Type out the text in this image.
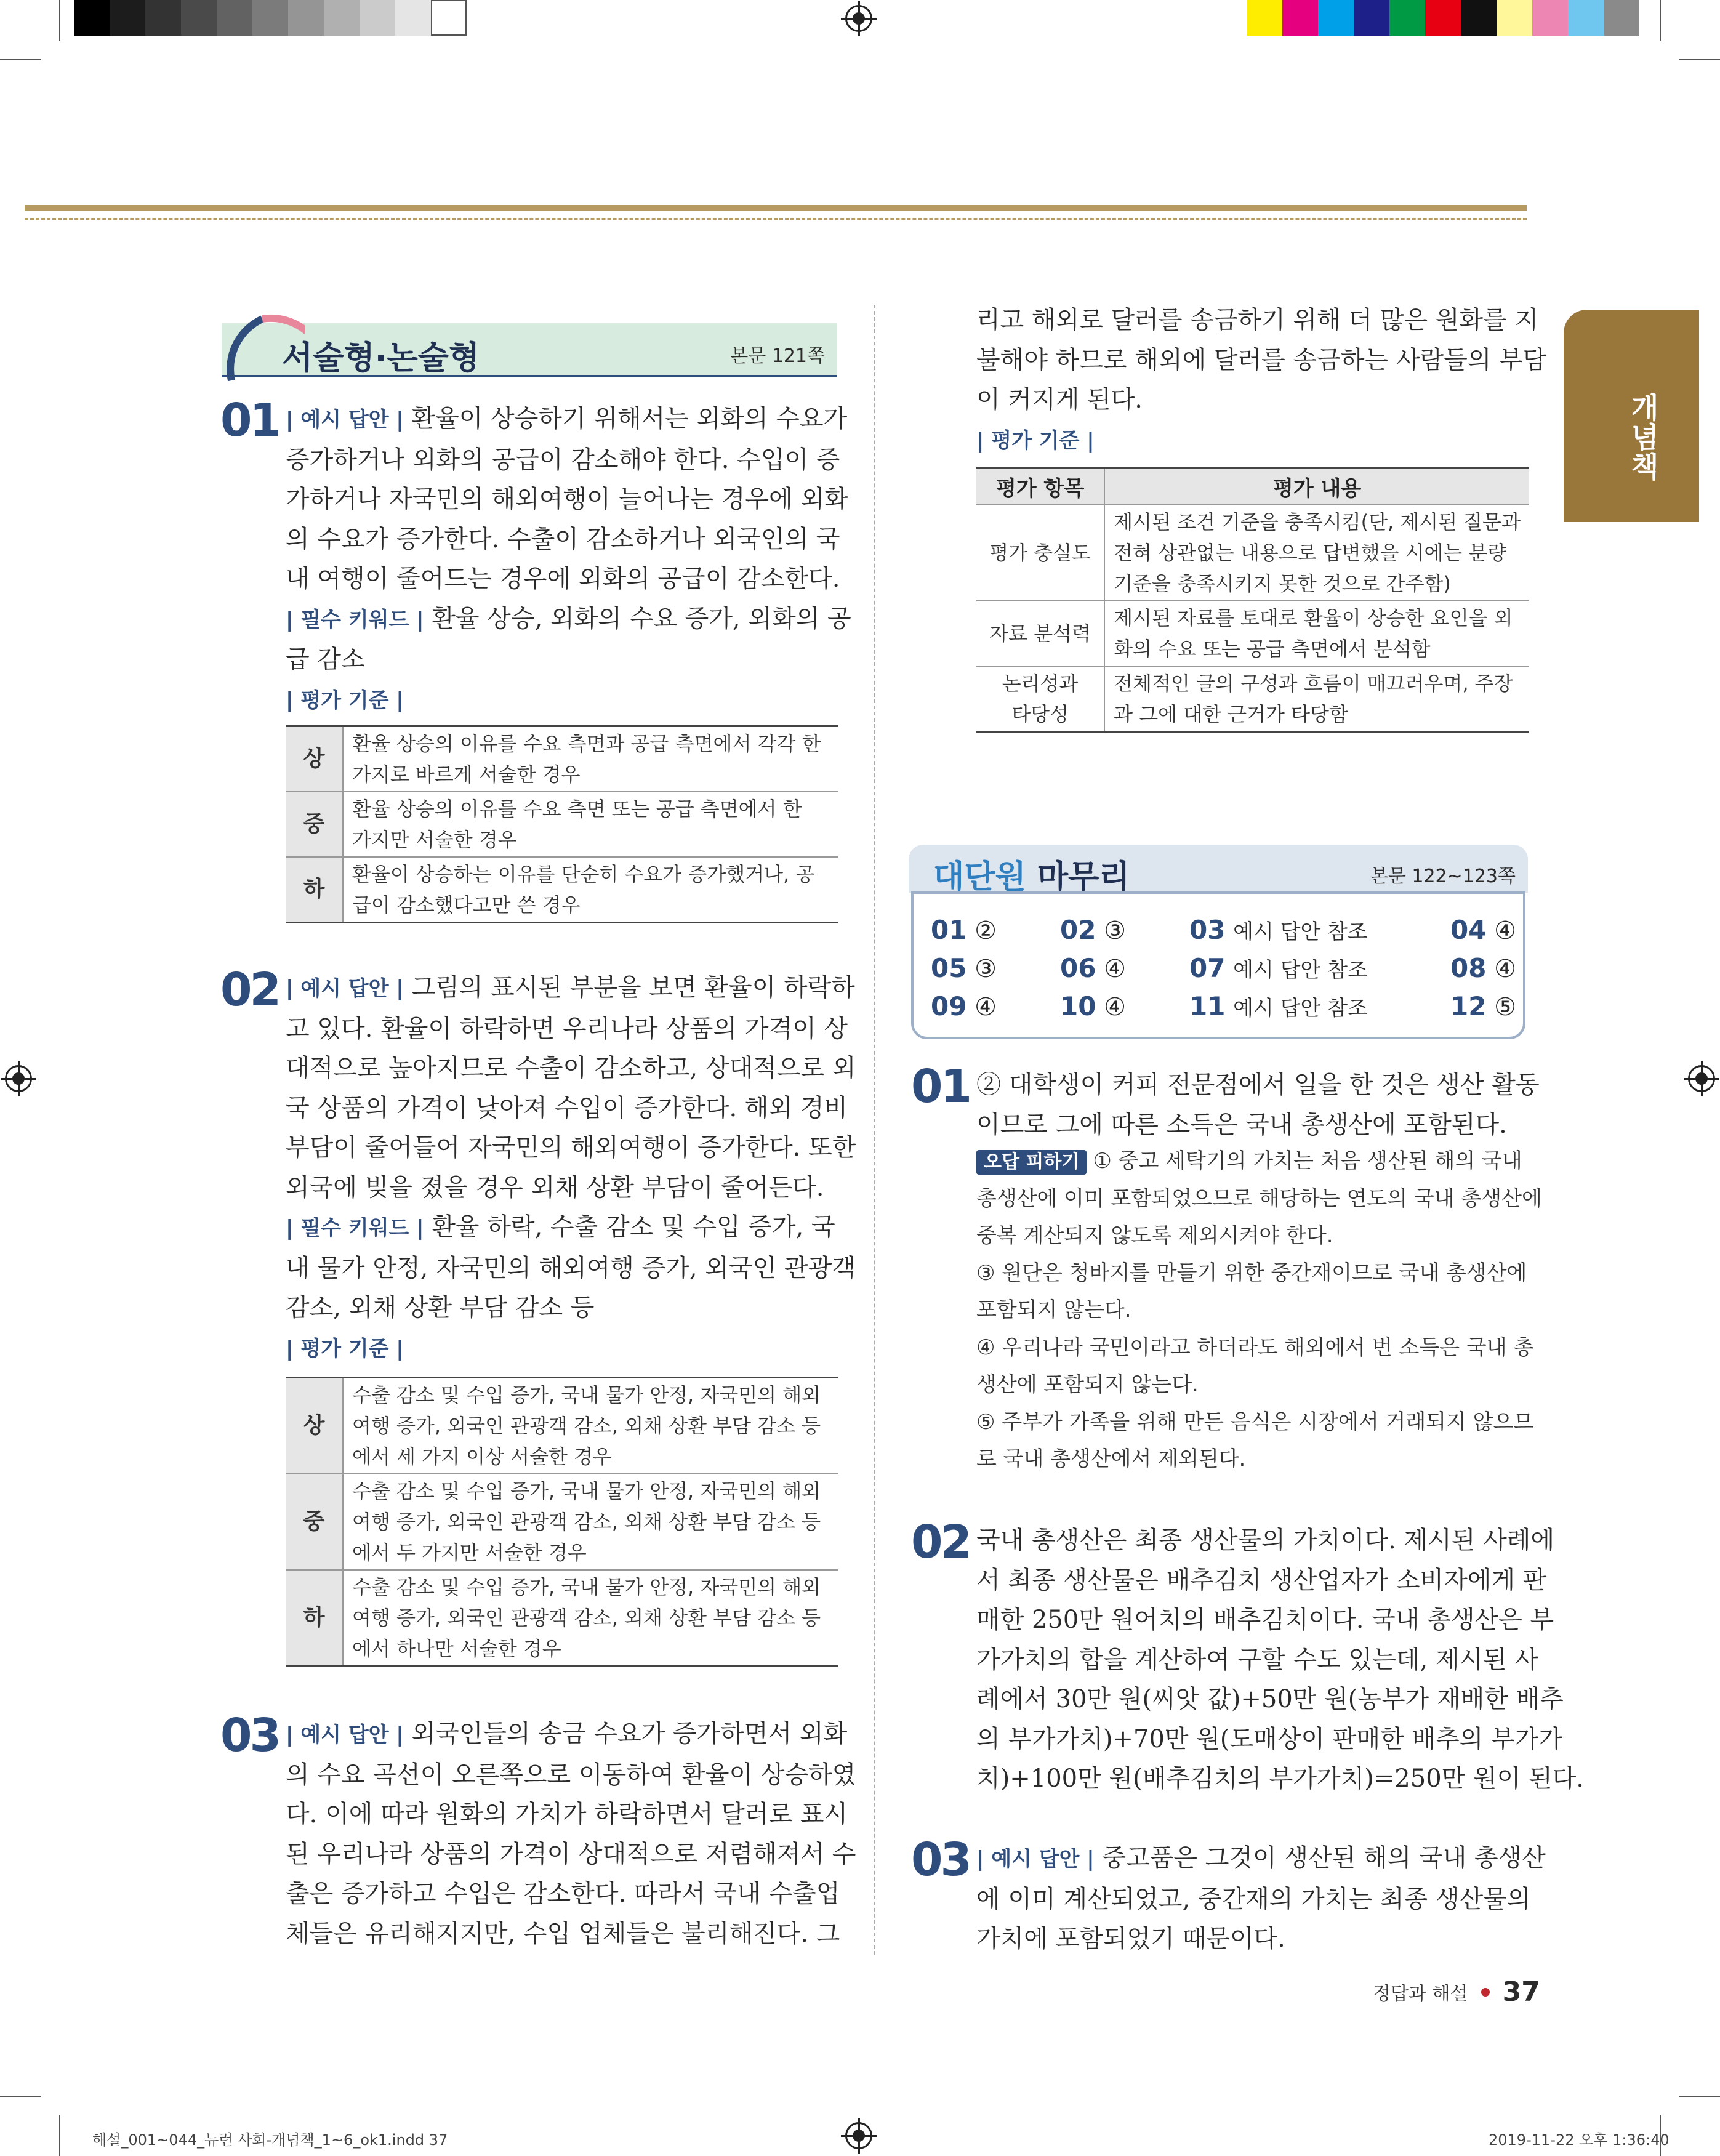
개념책
서술형·논술형	본문 121쪽
01 | 예시 답안 | 환율이 상승하기 위해서는 외화의 수요가
증가하거나 외화의 공급이 감소해야 한다. 수입이 증
가하거나 자국민의 해외여행이 늘어나는 경우에 외화
의 수요가 증가한다. 수출이 감소하거나 외국인의 국
내 여행이 줄어드는 경우에 외화의 공급이 감소한다.
| 필수 키워드 | 환율 상승, 외화의 수요 증가, 외화의 공
급 감소
| 평가 기준 |
상	환율 상승의 이유를 수요 측면과 공급 측면에서 각각 한
가지로 바르게 서술한 경우

중	환율 상승의 이유를 수요 측면 또는 공급 측면에서 한
가지만 서술한 경우

하	환율이 상승하는 이유를 단순히 수요가 증가했거나, 공
급이 감소했다고만 쓴 경우
02 | 예시 답안 | 그림의 표시된 부분을 보면 환율이 하락하
고 있다. 환율이 하락하면 우리나라 상품의 가격이 상
대적으로 높아지므로 수출이 감소하고, 상대적으로 외
국 상품의 가격이 낮아져 수입이 증가한다. 해외 경비
부담이 줄어들어 자국민의 해외여행이 증가한다. 또한
외국에 빚을 졌을 경우 외채 상환 부담이 줄어든다.
| 필수 키워드 | 환율 하락, 수출 감소 및 수입 증가, 국
내 물가 안정, 자국민의 해외여행 증가, 외국인 관광객
감소, 외채 상환 부담 감소 등
| 평가 기준 |
상	수출 감소 및 수입 증가, 국내 물가 안정, 자국민의 해외
여행 증가, 외국인 관광객 감소, 외채 상환 부담 감소 등
에서 세 가지 이상 서술한 경우

중	수출 감소 및 수입 증가, 국내 물가 안정, 자국민의 해외
여행 증가, 외국인 관광객 감소, 외채 상환 부담 감소 등
에서 두 가지만 서술한 경우

하	수출 감소 및 수입 증가, 국내 물가 안정, 자국민의 해외
여행 증가, 외국인 관광객 감소, 외채 상환 부담 감소 등
에서 하나만 서술한 경우
03 | 예시 답안 | 외국인들의 송금 수요가 증가하면서 외화
의 수요 곡선이 오른쪽으로 이동하여 환율이 상승하였
다. 이에 따라 원화의 가치가 하락하면서 달러로 표시
된 우리나라 상품의 가격이 상대적으로 저렴해져서 수
출은 증가하고 수입은 감소한다. 따라서 국내 수출업
체들은 유리해지지만, 수입 업체들은 불리해진다. 그
리고 해외로 달러를 송금하기 위해 더 많은 원화를 지
불해야 하므로 해외에 달러를 송금하는 사람들의 부담
이 커지게 된다.
| 평가 기준 |
평가 항목	평가 내용

평가 충실도	제시된 조건 기준을 충족시킴(단, 제시된 질문과
전혀 상관없는 내용으로 답변했을 시에는 분량
기준을 충족시키지 못한 것으로 간주함)

자료 분석력	제시된 자료를 토대로 환율이 상승한 요인을 외
화의 수요 또는 공급 측면에서 분석함

논리성과
타당성	전체적인 글의 구성과 흐름이 매끄러우며, 주장
과 그에 대한 근거가 타당함
대단원 마무리	본문 122~123쪽
01 ② 02 ③ 03 예시 답안 참조	04 ④
05 ③ 06 ④ 07 예시 답안 참조	08 ④
09 ④ 10 ④ 11 예시 답안 참조	12 ⑤
01 ② 대학생이 커피 전문점에서 일을 한 것은 생산 활동
이므로 그에 따른 소득은 국내 총생산에 포함된다.
오답 피하기 ① 중고 세탁기의 가치는 처음 생산된 해의 국내
총생산에 이미 포함되었으므로 해당하는 연도의 국내 총생산에
중복 계산되지 않도록 제외시켜야 한다.
③ 원단은 청바지를 만들기 위한 중간재이므로 국내 총생산에
포함되지 않는다.
④ 우리나라 국민이라고 하더라도 해외에서 번 소득은 국내 총
생산에 포함되지 않는다.
⑤ 주부가 가족을 위해 만든 음식은 시장에서 거래되지 않으므
로 국내 총생산에서 제외된다.
02 국내 총생산은 최종 생산물의 가치이다. 제시된 사례에
서 최종 생산물은 배추김치 생산업자가 소비자에게 판
매한 250만 원어치의 배추김치이다. 국내 총생산은 부
가가치의 합을 계산하여 구할 수도 있는데, 제시된 사
례에서 30만 원(씨앗 값)+50만 원(농부가 재배한 배추
의 부가가치)+70만 원(도매상이 판매한 배추의 부가가
치)+100만 원(배추김치의 부가가치)=250만 원이 된다.
03 | 예시 답안 | 중고품은 그것이 생산된 해의 국내 총생산
에 이미 계산되었고, 중간재의 가치는 최종 생산물의
가치에 포함되었기 때문이다.
정답과 해설 37
해설_001~044_뉴런 사회-개념책_1~6_ok1.indd 37	2019-11-22 오후 1:36:40
